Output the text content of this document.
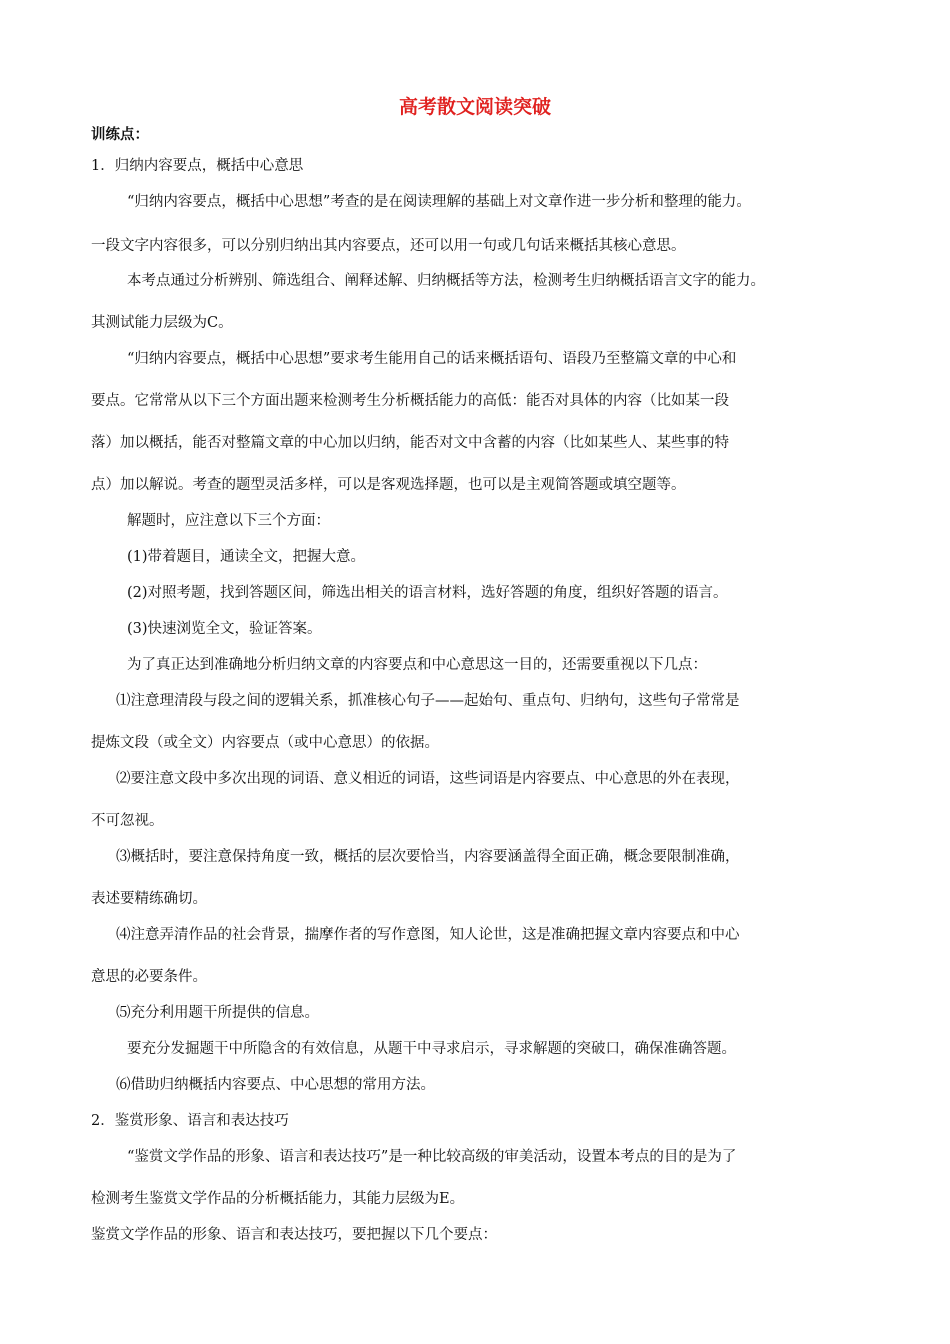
高考散文阅读突破
训练点：
1．归纳内容要点，概括中心意思
“归纳内容要点，概括中心思想”考查的是在阅读理解的基础上对文章作进一步分析和整理的能力。
一段文字内容很多，可以分别归纳出其内容要点，还可以用一句或几句话来概括其核心意思。
本考点通过分析辨别、筛选组合、阐释述解、归纳概括等方法，检测考生归纳概括语言文字的能力。
其测试能力层级为C。
“归纳内容要点，概括中心思想”要求考生能用自己的话来概括语句、语段乃至整篇文章的中心和
要点。它常常从以下三个方面出题来检测考生分析概括能力的高低：能否对具体的内容（比如某一段
落）加以概括，能否对整篇文章的中心加以归纳，能否对文中含蓄的内容（比如某些人、某些事的特
点）加以解说。考查的题型灵活多样，可以是客观选择题，也可以是主观简答题或填空题等。
解题时，应注意以下三个方面：
(1)带着题目，通读全文，把握大意。
(2)对照考题，找到答题区间，筛选出相关的语言材料，选好答题的角度，组织好答题的语言。
(3)快速浏览全文，验证答案。
为了真正达到准确地分析归纳文章的内容要点和中心意思这一目的，还需要重视以下几点：
⑴注意理清段与段之间的逻辑关系，抓准核心句子——起始句、重点句、归纳句，这些句子常常是
提炼文段（或全文）内容要点（或中心意思）的依据。
⑵要注意文段中多次出现的词语、意义相近的词语，这些词语是内容要点、中心意思的外在表现，
不可忽视。
⑶概括时，要注意保持角度一致，概括的层次要恰当，内容要涵盖得全面正确，概念要限制准确，
表述要精练确切。
⑷注意弄清作品的社会背景，揣摩作者的写作意图，知人论世，这是准确把握文章内容要点和中心
意思的必要条件。
⑸充分利用题干所提供的信息。
要充分发掘题干中所隐含的有效信息，从题干中寻求启示，寻求解题的突破口，确保准确答题。
⑹借助归纳概括内容要点、中心思想的常用方法。
2．鉴赏形象、语言和表达技巧
“鉴赏文学作品的形象、语言和表达技巧”是一种比较高级的审美活动，设置本考点的目的是为了
检测考生鉴赏文学作品的分析概括能力，其能力层级为E。
鉴赏文学作品的形象、语言和表达技巧，要把握以下几个要点：
